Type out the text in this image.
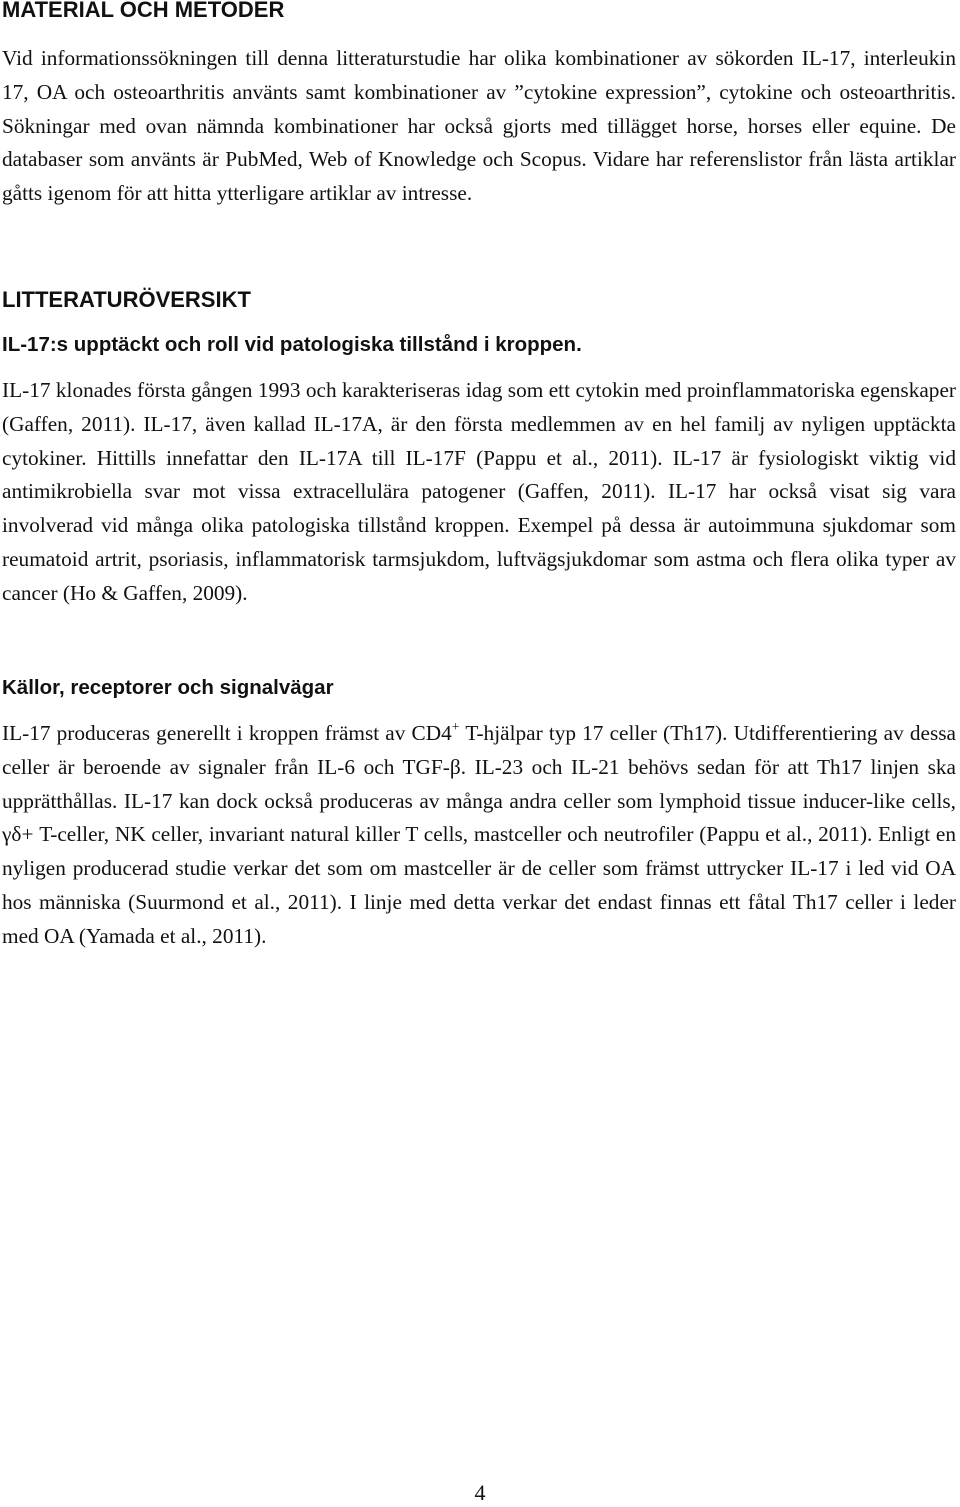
MATERIAL OCH METODER

Vid informationssökningen till denna litteraturstudie har olika kombinationer av sökorden IL-17, interleukin 17, OA och osteoarthritis använts samt kombinationer av ”cytokine expression”, cytokine och osteoarthritis. Sökningar med ovan nämnda kombinationer har också gjorts med tillägget horse, horses eller equine. De databaser som använts är PubMed, Web of Knowledge och Scopus. Vidare har referenslistor från lästa artiklar gåtts igenom för att hitta ytterligare artiklar av intresse.

LITTERATURÖVERSIKT
IL-17:s upptäckt och roll vid patologiska tillstånd i kroppen.

IL-17 klonades första gången 1993 och karakteriseras idag som ett cytokin med proinflammatoriska egenskaper (Gaffen, 2011). IL-17, även kallad IL-17A, är den första medlemmen av en hel familj av nyligen upptäckta cytokiner. Hittills innefattar den IL-17A till IL-17F (Pappu et al., 2011). IL-17 är fysiologiskt viktig vid antimikrobiella svar mot vissa extracellulära patogener (Gaffen, 2011). IL-17 har också visat sig vara involverad vid många olika patologiska tillstånd kroppen. Exempel på dessa är autoimmuna sjukdomar som reumatoid artrit, psoriasis, inflammatorisk tarmsjukdom, luftvägsjukdomar som astma och flera olika typer av cancer (Ho & Gaffen, 2009).

Källor, receptorer och signalvägar

IL-17 produceras generellt i kroppen främst av CD4+ T-hjälpar typ 17 celler (Th17). Utdifferentiering av dessa celler är beroende av signaler från IL-6 och TGF-β. IL-23 och IL-21 behövs sedan för att Th17 linjen ska upprätthållas. IL-17 kan dock också produceras av många andra celler som lymphoid tissue inducer-like cells, γδ+ T-celler, NK celler, invariant natural killer T cells, mastceller och neutrofiler (Pappu et al., 2011). Enligt en nyligen producerad studie verkar det som om mastceller är de celler som främst uttrycker IL-17 i led vid OA hos människa (Suurmond et al., 2011). I linje med detta verkar det endast finnas ett fåtal Th17 celler i leder med OA (Yamada et al., 2011).

4
